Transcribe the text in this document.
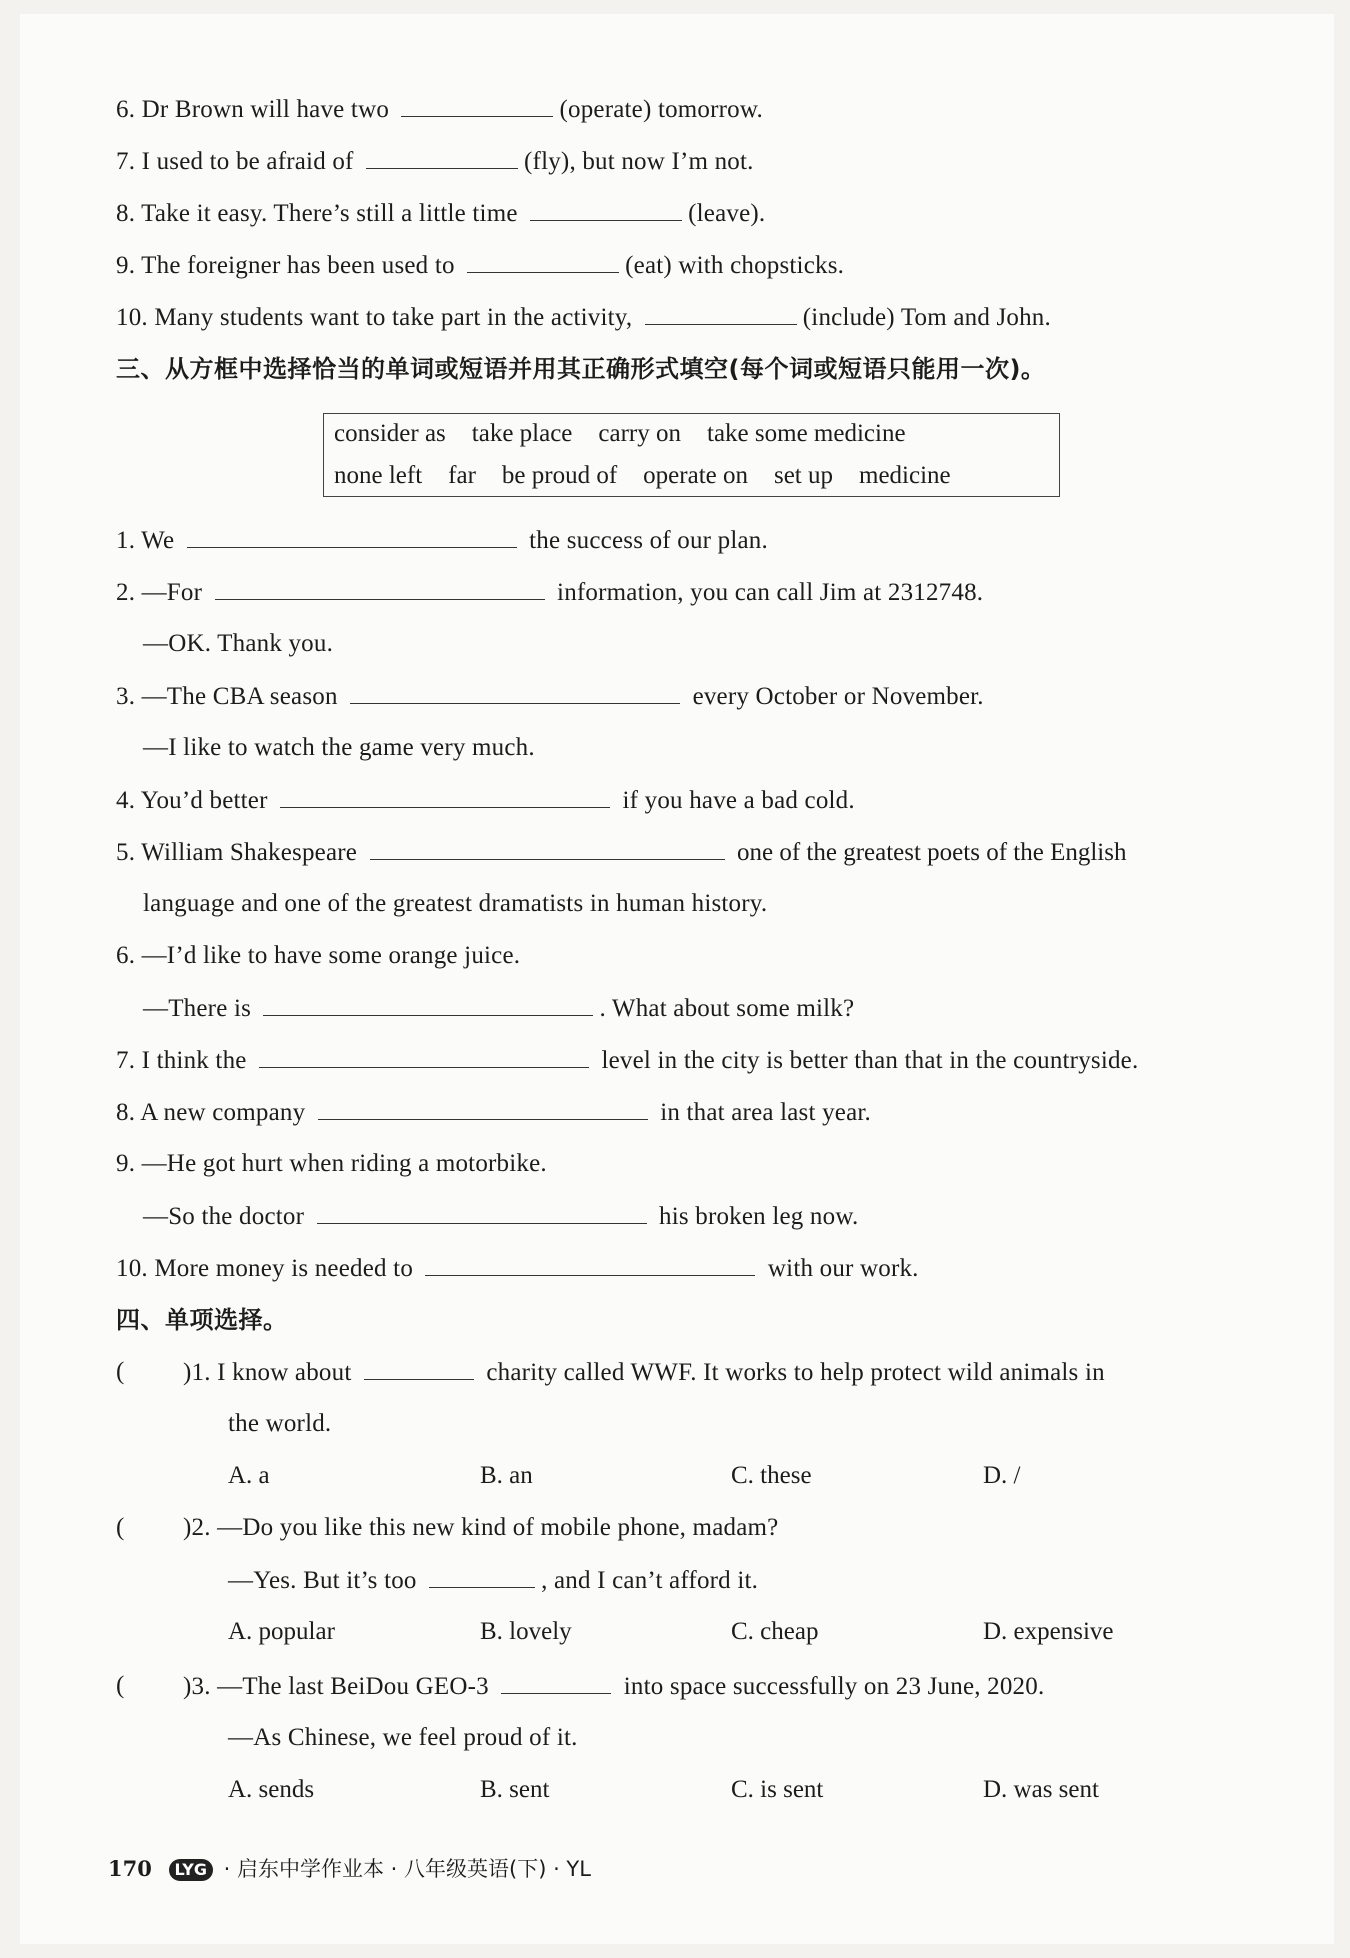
6. Dr Brown will have two	(operate) tomorrow.
7. I used to be afraid of	(fly), but now I’m not.
8. Take it easy. There’s still a little time	(leave).
9. The foreigner has been used to	(eat) with chopsticks.
10. Many students want to take part in the activity,	(include) Tom and John.
三、从方框中选择恰当的单词或短语并用其正确形式填空(每个词或短语只能用一次)。
consider as take place carry on take some medicine
none left far be proud of operate on set up medicine
1. We	the success of our plan.
2. —For	information, you can call Jim at 2312748.
—OK. Thank you.
3. —The CBA season	every October or November.
—I like to watch the game very much.
4. You’d better	if you have a bad cold.
5. William Shakespeare	one of the greatest poets of the English
language and one of the greatest dramatists in human history.
6. —I’d like to have some orange juice.
—There is	. What about some milk?
7. I think the	level in the city is better than that in the countryside.
8. A new company	in that area last year.
9. —He got hurt when riding a motorbike.
—So the doctor	his broken leg now.
10. More money is needed to	with our work.
四、单项选择。
( )1. I know about	charity called WWF. It works to help protect wild animals in
the world.
A. a	B. an	C. these	D. /
( )2. —Do you like this new kind of mobile phone, madam?
—Yes. But it’s too	, and I can’t afford it.
A. popular	B. lovely	C. cheap	D. expensive
( )3. —The last BeiDou GEO-3	into space successfully on 23 June, 2020.
—As Chinese, we feel proud of it.
A. sends	B. sent	C. is sent	D. was sent
170 LYG · 启东中学作业本 · 八年级英语(下) · YL
